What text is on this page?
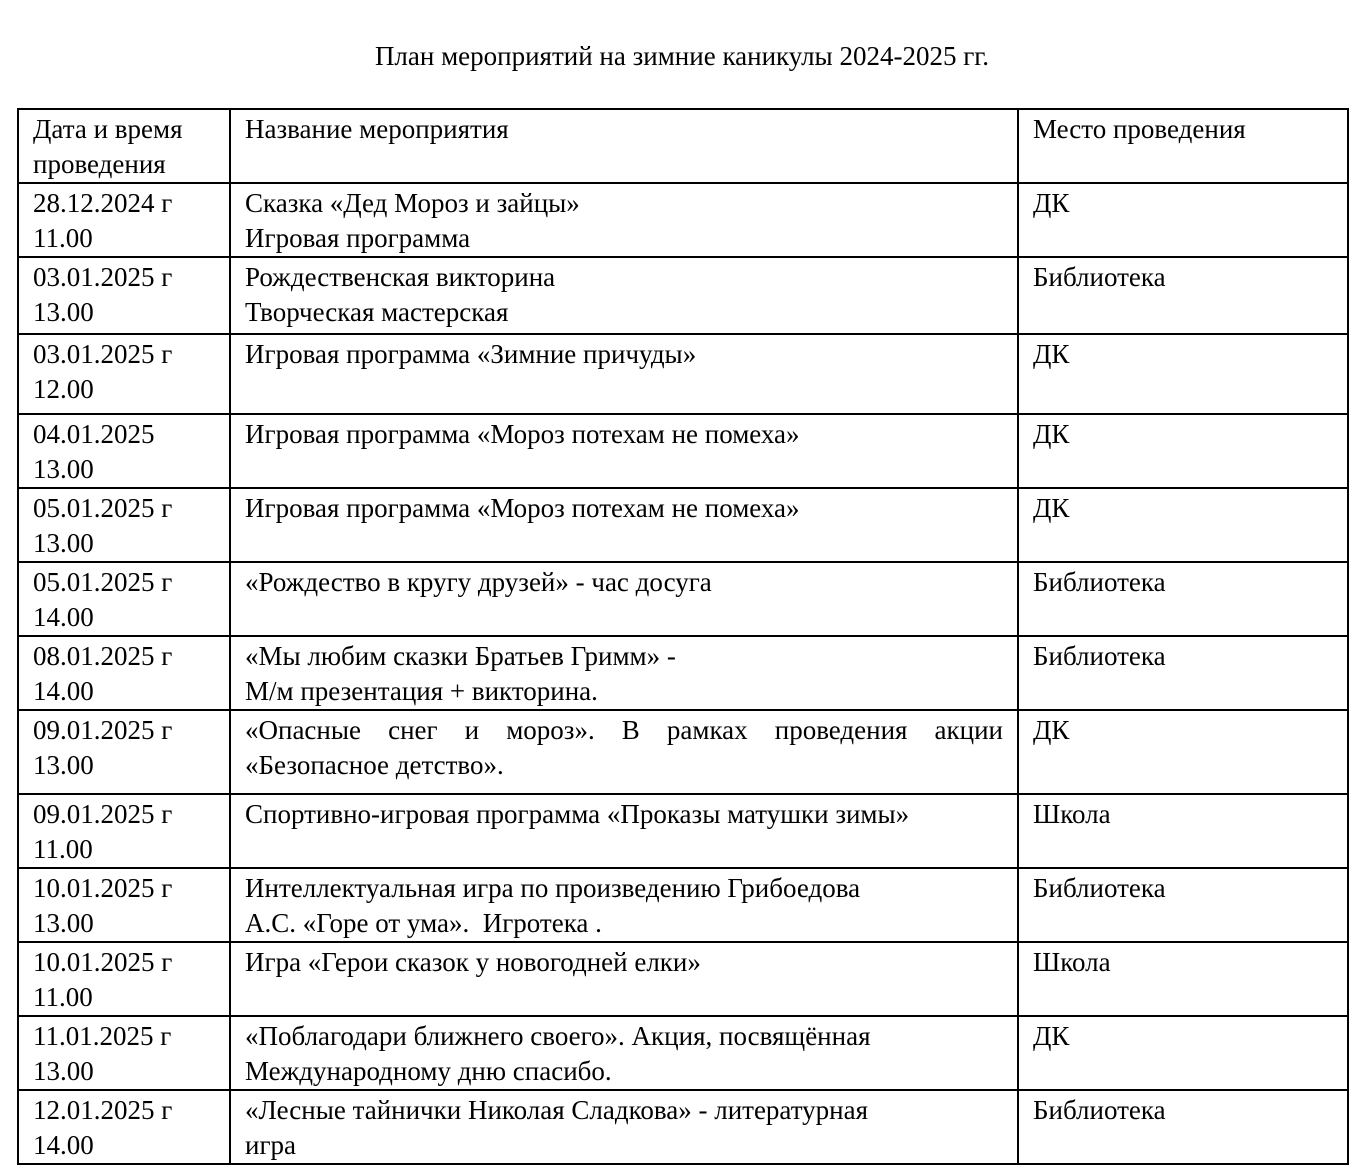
План мероприятий на зимние каникулы 2024-2025 гг.
Дата и время
проведения	Название мероприятия	Место проведения

28.12.2024 г
11.00	Сказка «Дед Мороз и зайцы»
Игровая программа	ДК

03.01.2025 г
13.00	Рождественская викторина
Творческая мастерская	Библиотека

03.01.2025 г
12.00	Игровая программа «Зимние причуды»	ДК

04.01.2025
13.00	Игровая программа «Мороз потехам не помеха»	ДК

05.01.2025 г
13.00	Игровая программа «Мороз потехам не помеха»	ДК

05.01.2025 г
14.00	«Рождество в кругу друзей» - час досуга	Библиотека

08.01.2025 г
14.00	«Мы любим сказки Братьев Гримм» -
М/м презентация + викторина.	Библиотека

09.01.2025 г
13.00	«Опасные снег и мороз». В рамках проведения акции «Безопасное детство».	ДК

09.01.2025 г
11.00	Спортивно-игровая программа «Проказы матушки зимы»	Школа

10.01.2025 г
13.00	Интеллектуальная игра по произведению Грибоедова
А.С. «Горе от ума».  Игротека .	Библиотека

10.01.2025 г
11.00	Игра «Герои сказок у новогодней елки»	Школа

11.01.2025 г
13.00	«Поблагодари ближнего своего». Акция, посвящённая
Международному дню спасибо.	ДК

12.01.2025 г
14.00	«Лесные тайнички Николая Сладкова» - литературная
игра	Библиотека
